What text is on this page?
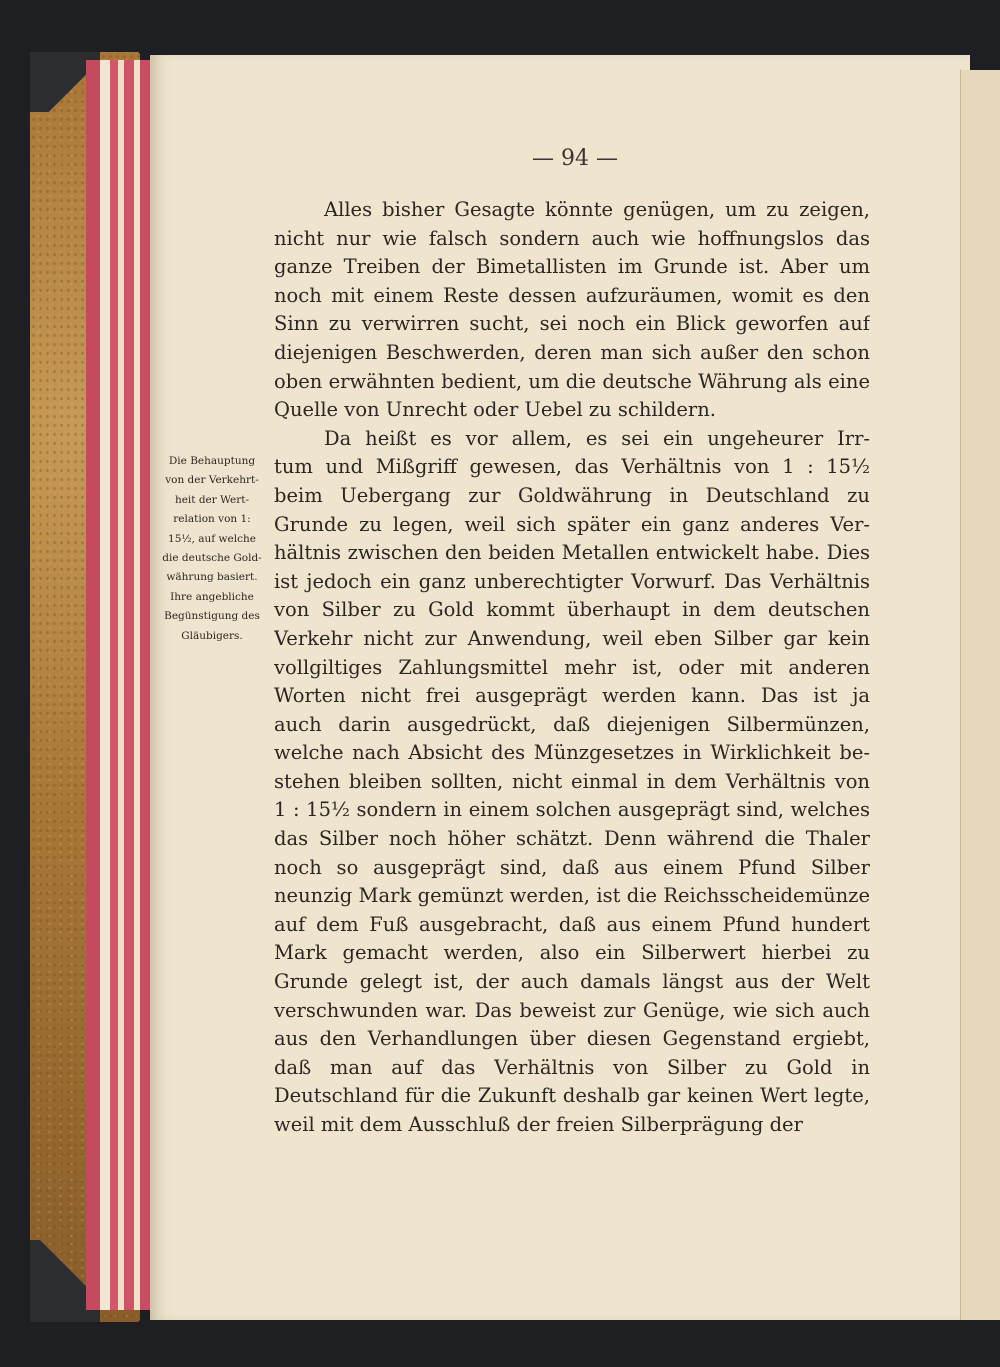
— 94 —
Die Behauptung
von der Verkehrt-
heit der Wert-
relation von 1:
15½, auf welche
die deutsche Gold-
währung basiert.
Ihre angebliche
Begünstigung des
Gläubigers.
Alles bisher Gesagte könnte genügen, um zu zeigen,
nicht nur wie falsch sondern auch wie hoffnungslos das
ganze Treiben der Bimetallisten im Grunde ist. Aber um
noch mit einem Reste dessen aufzuräumen, womit es den
Sinn zu verwirren sucht, sei noch ein Blick geworfen auf
diejenigen Beschwerden, deren man sich außer den schon
oben erwähnten bedient, um die deutsche Währung als eine
Quelle von Unrecht oder Uebel zu schildern.
Da heißt es vor allem, es sei ein ungeheurer Irr-
tum und Mißgriff gewesen, das Verhältnis von 1 : 15½
beim Uebergang zur Goldwährung in Deutschland zu
Grunde zu legen, weil sich später ein ganz anderes Ver-
hältnis zwischen den beiden Metallen entwickelt habe. Dies
ist jedoch ein ganz unberechtigter Vorwurf. Das Verhältnis
von Silber zu Gold kommt überhaupt in dem deutschen
Verkehr nicht zur Anwendung, weil eben Silber gar kein
vollgiltiges Zahlungsmittel mehr ist, oder mit anderen
Worten nicht frei ausgeprägt werden kann. Das ist ja
auch darin ausgedrückt, daß diejenigen Silbermünzen,
welche nach Absicht des Münzgesetzes in Wirklichkeit be-
stehen bleiben sollten, nicht einmal in dem Verhältnis von
1 : 15½ sondern in einem solchen ausgeprägt sind, welches
das Silber noch höher schätzt. Denn während die Thaler
noch so ausgeprägt sind, daß aus einem Pfund Silber
neunzig Mark gemünzt werden, ist die Reichsscheidemünze
auf dem Fuß ausgebracht, daß aus einem Pfund hundert
Mark gemacht werden, also ein Silberwert hierbei zu
Grunde gelegt ist, der auch damals längst aus der Welt
verschwunden war. Das beweist zur Genüge, wie sich auch
aus den Verhandlungen über diesen Gegenstand ergiebt,
daß man auf das Verhältnis von Silber zu Gold in
Deutschland für die Zukunft deshalb gar keinen Wert legte,
weil mit dem Ausschluß der freien Silberprägung der
